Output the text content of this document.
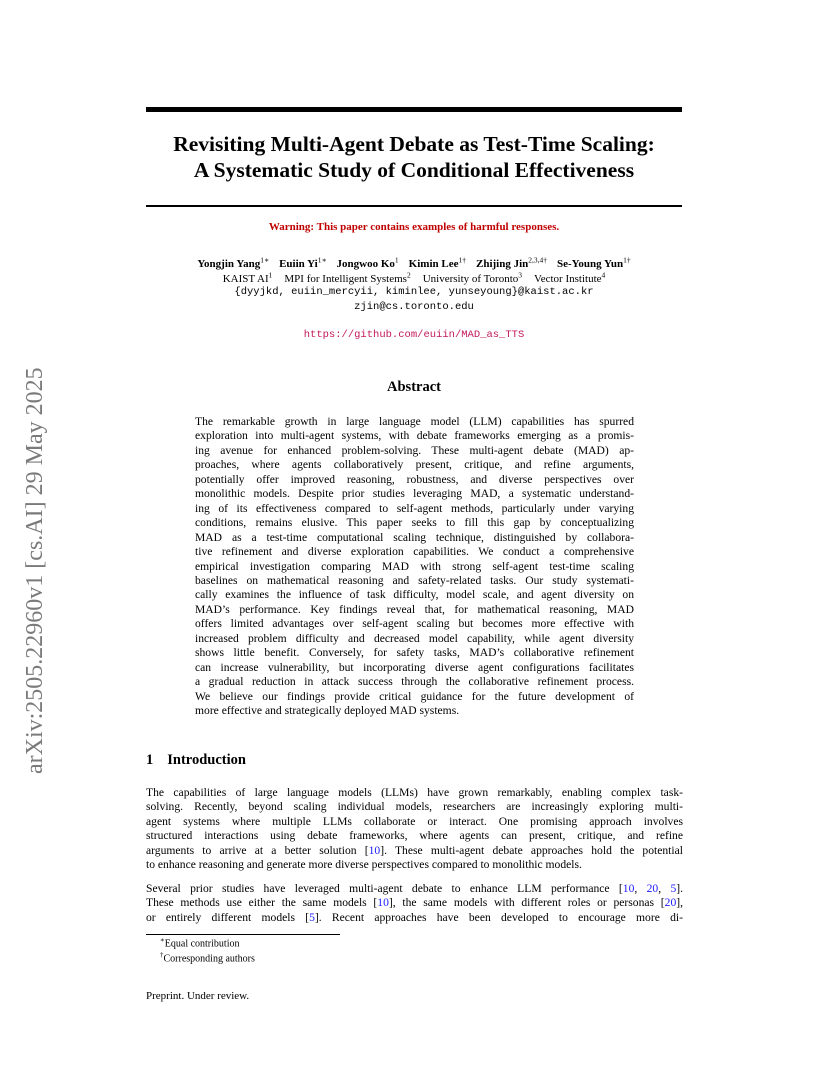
arXiv:2505.22960v1 [cs.AI] 29 May 2025
Revisiting Multi-Agent Debate as Test-Time Scaling:
A Systematic Study of Conditional Effectiveness
Warning: This paper contains examples of harmful responses.
Yongjin Yang$^{1∗}$ Euiin $Yi^{1∗}$ Jongwoo Ko$^1$ Kimin Lee$^{1\dagger}$ Zhijing Jin$^{2,3,4\dagger}$ Se-Young Yun$^{1\dagger}$
KAIST $AI^1$ MPI for Intelligent Systems$^2$ University of Toronto$^3$ Vector Institute$^4$
{dyyjkd, euiin_mercyii, kiminlee, yunseyoung}@kaist.ac.kr
zjin@cs.toronto.edu
https://github.com/euiin/MAD_as_TTS
Abstract
The remarkable growth in large language model (LLM) capabilities has spurred
exploration into multi-agent systems, with debate frameworks emerging as a promis-
ing avenue for enhanced problem-solving. These multi-agent debate (MAD) ap-
proaches, where agents collaboratively present, critique, and refine arguments,
potentially offer improved reasoning, robustness, and diverse perspectives over
monolithic models. Despite prior studies leveraging MAD, a systematic understand-
ing of its effectiveness compared to self-agent methods, particularly under varying
conditions, remains elusive. This paper seeks to fill this gap by conceptualizing
MAD as a test-time computational scaling technique, distinguished by collabora-
tive refinement and diverse exploration capabilities. We conduct a comprehensive
empirical investigation comparing MAD with strong self-agent test-time scaling
baselines on mathematical reasoning and safety-related tasks. Our study systemati-
cally examines the influence of task difficulty, model scale, and agent diversity on
MAD’s performance. Key findings reveal that, for mathematical reasoning, MAD
offers limited advantages over self-agent scaling but becomes more effective with
increased problem difficulty and decreased model capability, while agent diversity
shows little benefit. Conversely, for safety tasks, MAD’s collaborative refinement
can increase vulnerability, but incorporating diverse agent configurations facilitates
a gradual reduction in attack success through the collaborative refinement process.
We believe our findings provide critical guidance for the future development of
more effective and strategically deployed MAD systems.
1 Introduction
The capabilities of large language models (LLMs) have grown remarkably, enabling complex task-
solving. Recently, beyond scaling individual models, researchers are increasingly exploring multi-
agent systems where multiple LLMs collaborate or interact. One promising approach involves
structured interactions using debate frameworks, where agents can present, critique, and refine
arguments to arrive at a better solution [10]. These multi-agent debate approaches hold the potential
to enhance reasoning and generate more diverse perspectives compared to monolithic models.
Several prior studies have leveraged multi-agent debate to enhance LLM performance [10, 20, 5].
These methods use either the same models [10], the same models with different roles or personas [20],
or entirely different models [5]. Recent approaches have been developed to encourage more di-
∗Equal contribution
†Corresponding authors
Preprint. Under review.
